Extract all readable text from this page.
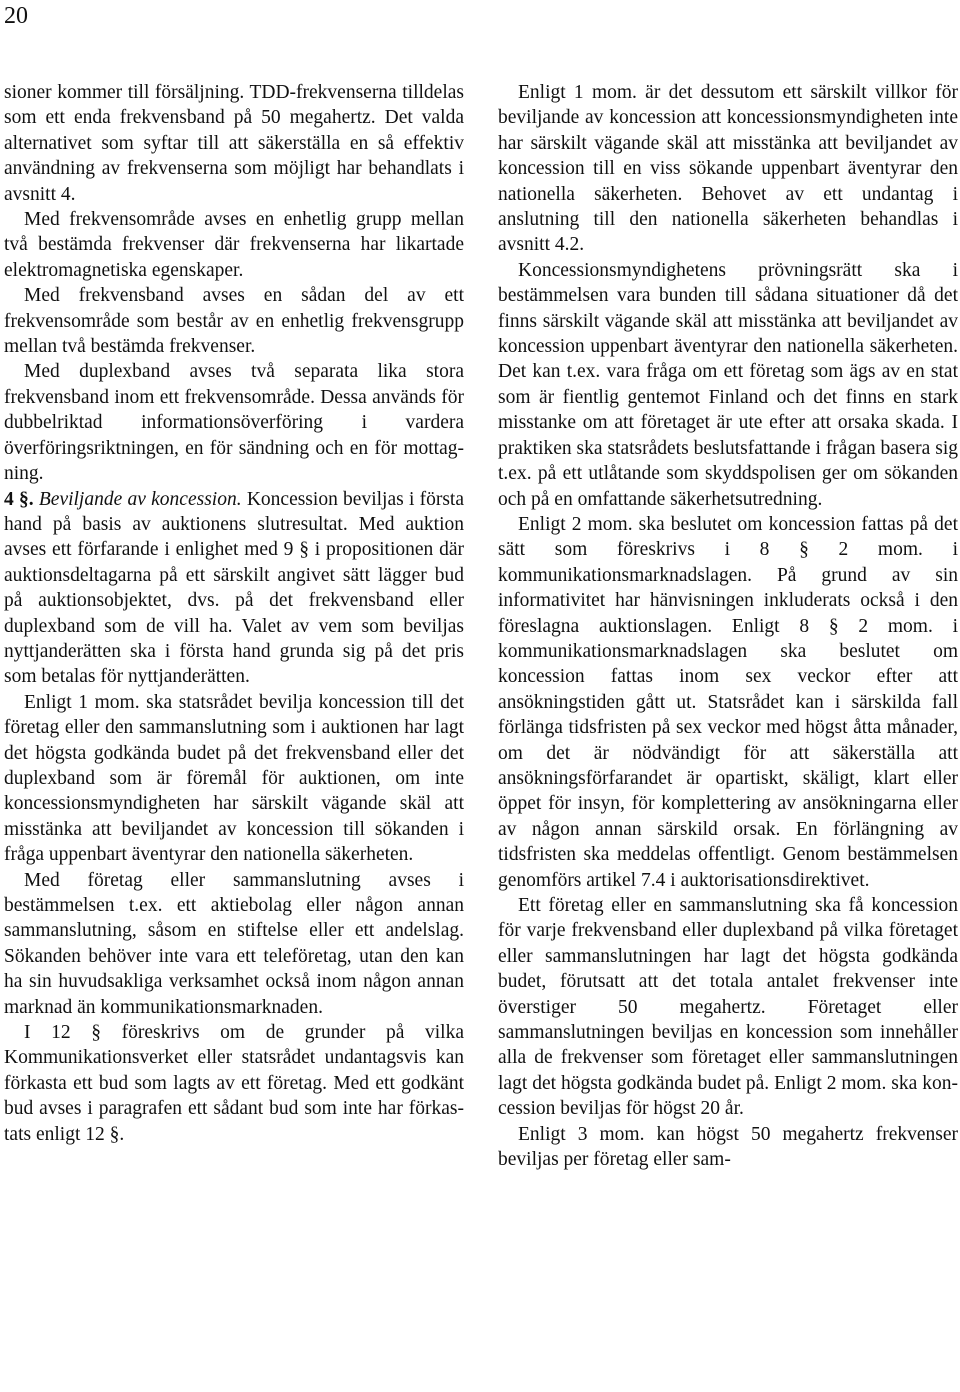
20

sioner kommer till försäljning. TDD-frekvenserna tilldelas som ett enda frekvensband på 50 megahertz. Det valda alternativet som syftar till att säkerställa en så effektiv användning av frekvenserna som möjligt har behandlats i avsnitt 4.

Med frekvensområde avses en enhetlig grupp mellan två bestämda frekvenser där frekvenserna har likartade elektromagnetiska egenskaper.

Med frekvensband avses en sådan del av ett frekvensområde som består av en enhetlig frekvensgrupp mellan två bestämda frekvenser.

Med duplexband avses två separata lika stora frekvensband inom ett frekvensområde. Dessa används för dubbelriktad informationsöverföring i vardera överföringsriktningen, en för sändning och en för mottagning.

4 §. Beviljande av koncession. Koncession beviljas i första hand på basis av auktionens slutresultat. Med auktion avses ett förfarande i enlighet med 9 § i propositionen där auktionsdeltagarna på ett särskilt angivet sätt lägger bud på auktionsobjektet, dvs. på det frekvensband eller duplexband som de vill ha. Valet av vem som beviljas nyttjanderätten ska i första hand grunda sig på det pris som betalas för nyttjanderätten.

Enligt 1 mom. ska statsrådet bevilja koncession till det företag eller den sammanslutning som i auktionen har lagt det högsta godkända budet på det frekvensband eller det duplexband som är föremål för auktionen, om inte koncessionsmyndigheten har särskilt vägande skäl att misstänka att beviljandet av koncession till sökanden i fråga uppenbart äventyrar den nationella säkerheten.

Med företag eller sammanslutning avses i bestämmelsen t.ex. ett aktiebolag eller någon annan sammanslutning, såsom en stiftelse eller ett andelslag. Sökanden behöver inte vara ett teleföretag, utan den kan ha sin huvudsakliga verksamhet också inom någon annan marknad än kommunikationsmarknaden.

I 12 § föreskrivs om de grunder på vilka Kommunikationsverket eller statsrådet undantagsvis kan förkasta ett bud som lagts av ett företag. Med ett godkänt bud avses i paragrafen ett sådant bud som inte har förkastats enligt 12 §.

Enligt 1 mom. är det dessutom ett särskilt villkor för beviljande av koncession att koncessionsmyndigheten inte har särskilt vägande skäl att misstänka att beviljandet av koncession till en viss sökande uppenbart äventyrar den nationella säkerheten. Behovet av ett undantag i anslutning till den nationella säkerheten behandlas i avsnitt 4.2.

Koncessionsmyndighetens prövningsrätt ska i bestämmelsen vara bunden till sådana situationer då det finns särskilt vägande skäl att misstänka att beviljandet av koncession uppenbart äventyrar den nationella säkerheten. Det kan t.ex. vara fråga om ett företag som ägs av en stat som är fientlig gentemot Finland och det finns en stark misstanke om att företaget är ute efter att orsaka skada. I praktiken ska statsrådets beslutsfattande i frågan basera sig t.ex. på ett utlåtande som skyddspolisen ger om sökanden och på en omfattande säkerhetsutredning.

Enligt 2 mom. ska beslutet om koncession fattas på det sätt som föreskrivs i 8 § 2 mom. i kommunikationsmarknadslagen. På grund av sin informativitet har hänvisningen inkluderats också i den föreslagna auktionslagen. Enligt 8 § 2 mom. i kommunikationsmarknadslagen ska beslutet om koncession fattas inom sex veckor efter att ansökningstiden gått ut. Statsrådet kan i särskilda fall förlänga tidsfristen på sex veckor med högst åtta månader, om det är nödvändigt för att säkerställa att ansökningsförfarandet är opartiskt, skäligt, klart eller öppet för insyn, för komplettering av ansökningarna eller av någon annan särskild orsak. En förlängning av tidsfristen ska meddelas offentligt. Genom bestämmelsen genomförs artikel 7.4 i auktorisationsdirektivet.

Ett företag eller en sammanslutning ska få koncession för varje frekvensband eller duplexband på vilka företaget eller sammanslutningen har lagt det högsta godkända budet, förutsatt att det totala antalet frekvenser inte överstiger 50 megahertz. Företaget eller sammanslutningen beviljas en koncession som innehåller alla de frekvenser som företaget eller sammanslutningen lagt det högsta godkända budet på. Enligt 2 mom. ska koncession beviljas för högst 20 år.

Enligt 3 mom. kan högst 50 megahertz frekvenser beviljas per företag eller sam-
